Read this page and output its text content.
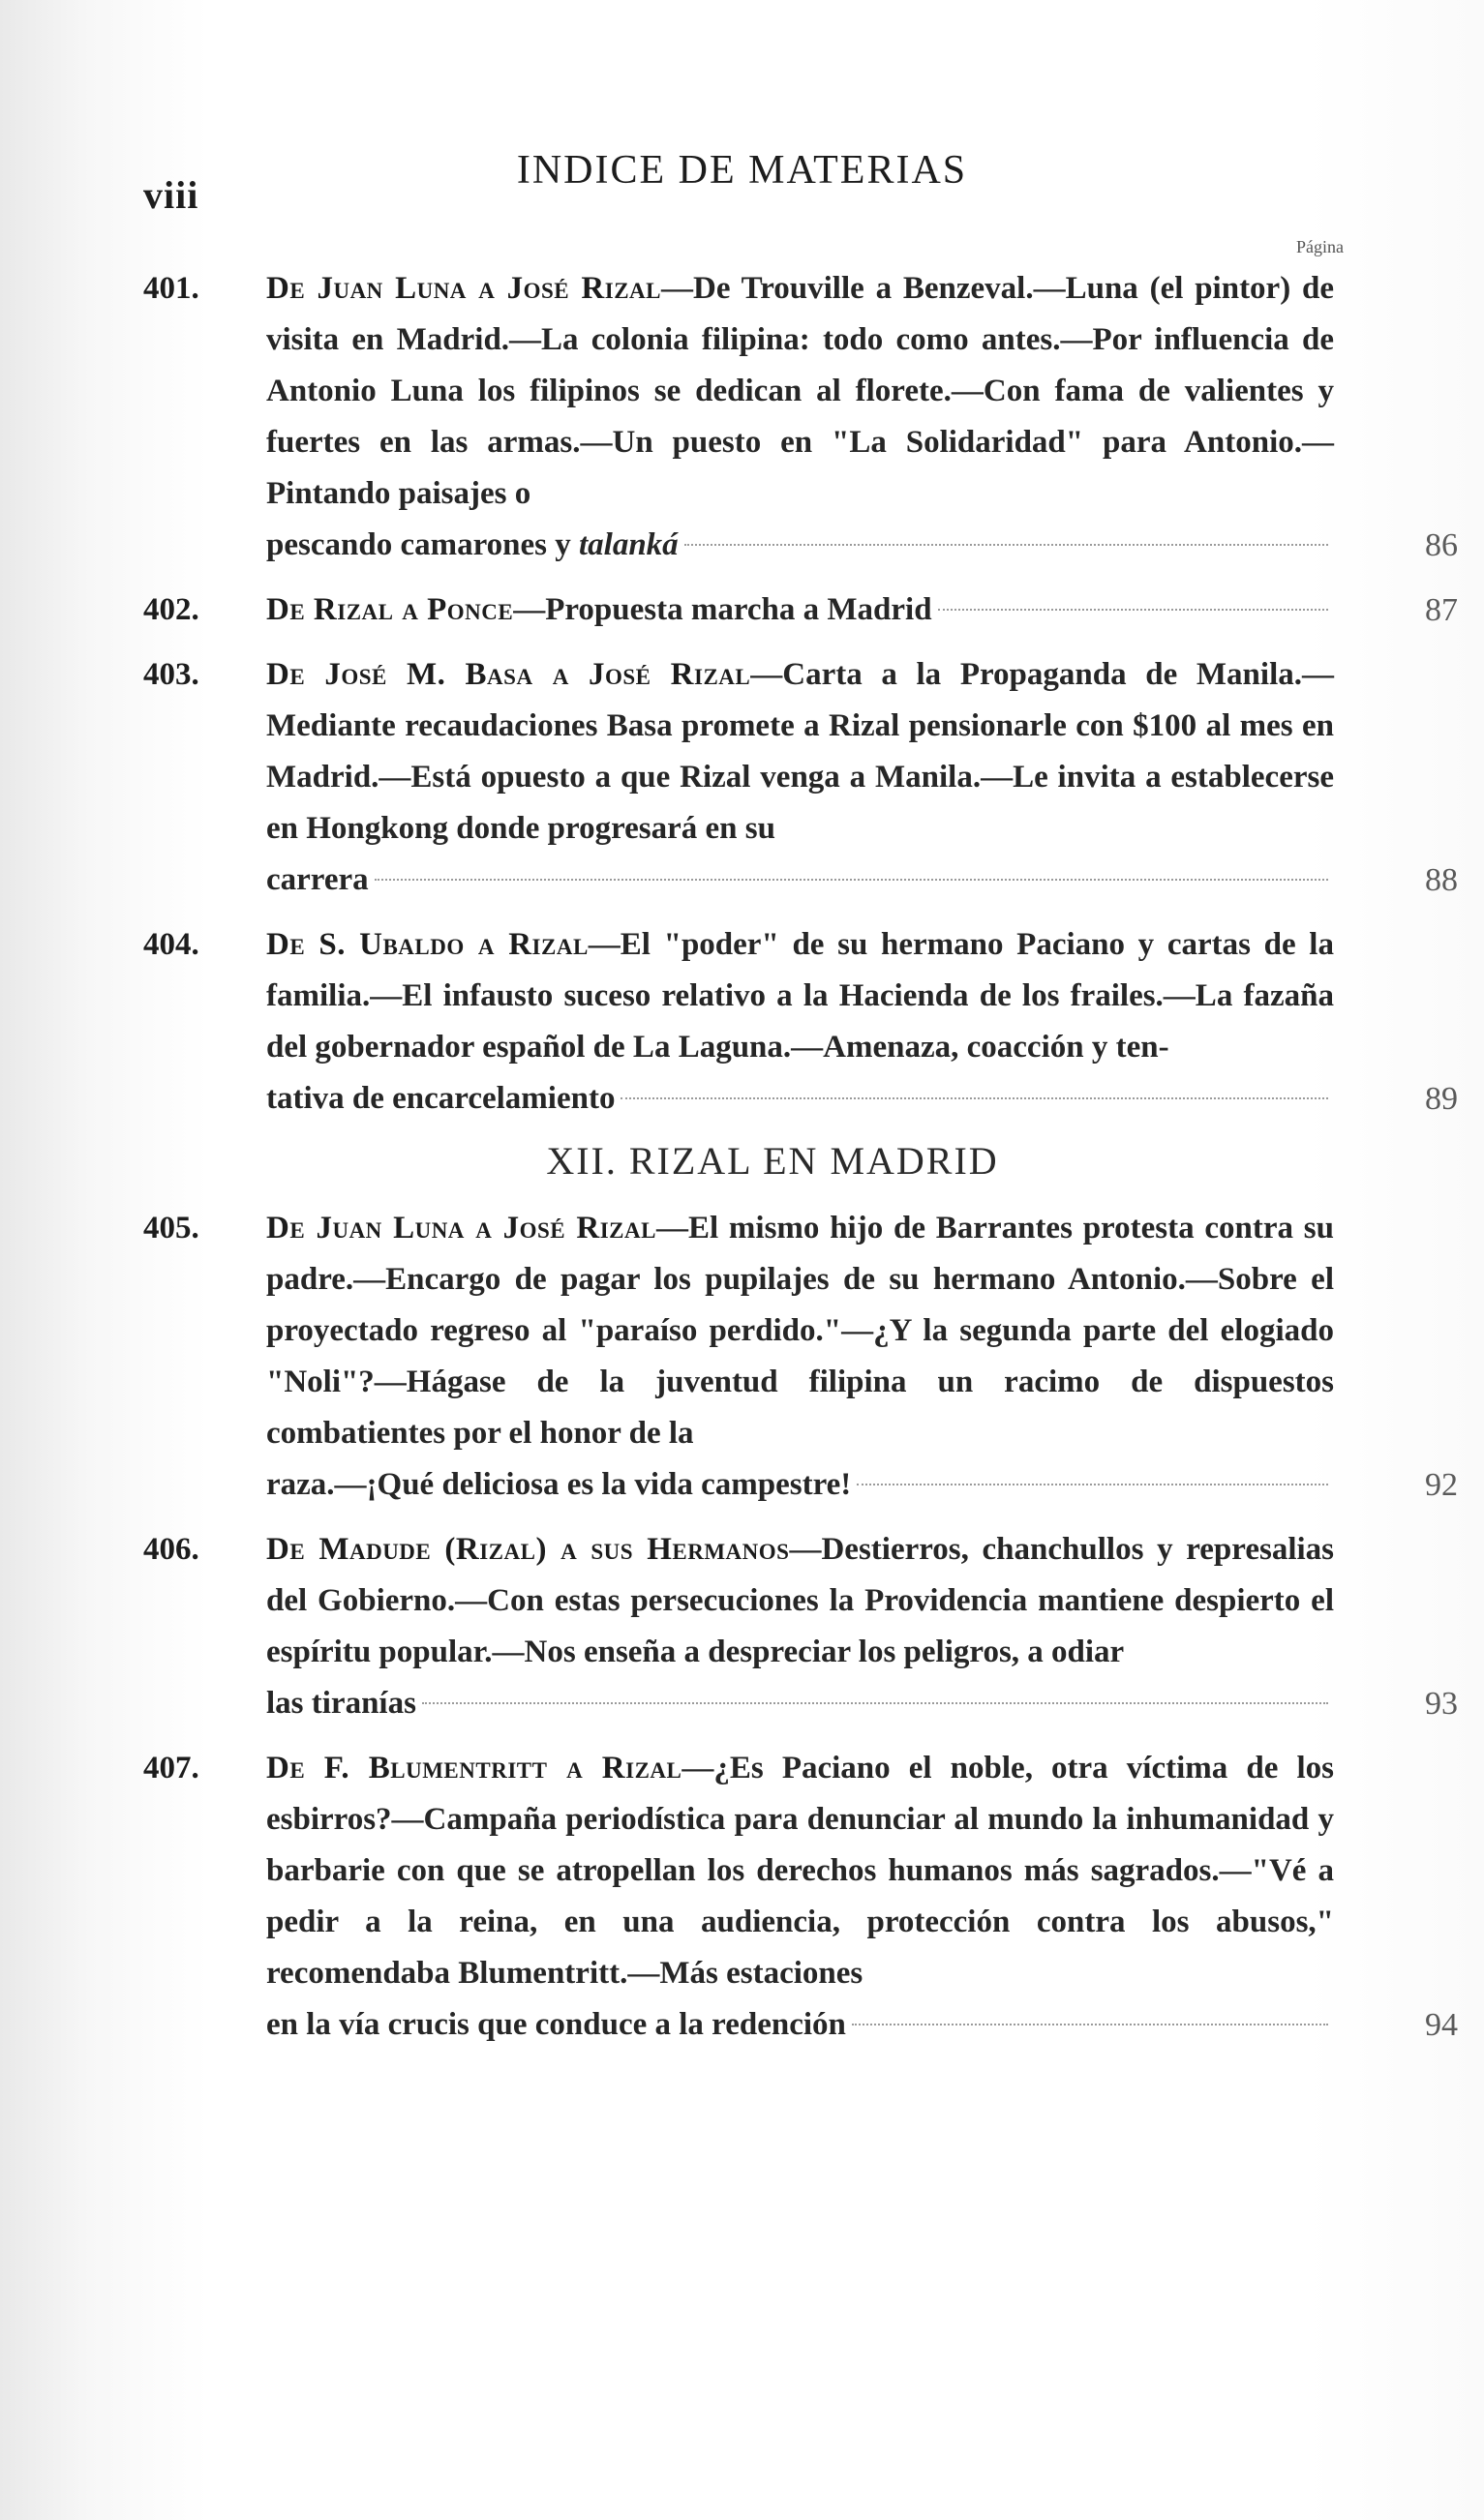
viii
INDICE DE MATERIAS
Página
401. De Juan Luna a José Rizal—De Trouville a Benzeval.—Luna (el pintor) de visita en Madrid.—La colonia filipina: todo como antes.—Por influencia de Antonio Luna los filipinos se dedican al florete.—Con fama de valientes y fuertes en las armas.—Un puesto en "La Solidaridad" para Antonio.—Pintando paisajes o
pescando camarones y talanká	86
402. De Rizal a Ponce—Propuesta marcha a Madrid	87
403. De José M. Basa a José Rizal—Carta a la Propaganda de Manila.—Mediante recaudaciones Basa promete a Rizal pensionarle con $100 al mes en Madrid.—Está opuesto a que Rizal venga a Manila.—Le invita a establecerse en Hongkong donde progresará en su
carrera	88
404. De S. Ubaldo a Rizal—El "poder" de su hermano Paciano y cartas de la familia.—El infausto suceso relativo a la Hacienda de los frailes.—La fazaña del gobernador español de La Laguna.—Amenaza, coacción y ten-
tativa de encarcelamiento	89
XII. RIZAL EN MADRID
405. De Juan Luna a José Rizal—El mismo hijo de Barrantes protesta contra su padre.—Encargo de pagar los pupilajes de su hermano Antonio.—Sobre el proyectado regreso al "paraíso perdido."—¿Y la segunda parte del elogiado "Noli"?—Hágase de la juventud filipina un racimo de dispuestos combatientes por el honor de la
raza.—¡Qué deliciosa es la vida campestre!	92
406. De Madude (Rizal) a sus Hermanos—Destierros, chanchullos y represalias del Gobierno.—Con estas persecuciones la Providencia mantiene despierto el espíritu popular.—Nos enseña a despreciar los peligros, a odiar
las tiranías	93
407. De F. Blumentritt a Rizal—¿Es Paciano el noble, otra víctima de los esbirros?—Campaña periodística para denunciar al mundo la inhumanidad y barbarie con que se atropellan los derechos humanos más sagrados.—"Vé a pedir a la reina, en una audiencia, protección contra los abusos," recomendaba Blumentritt.—Más estaciones
en la vía crucis que conduce a la redención	94
